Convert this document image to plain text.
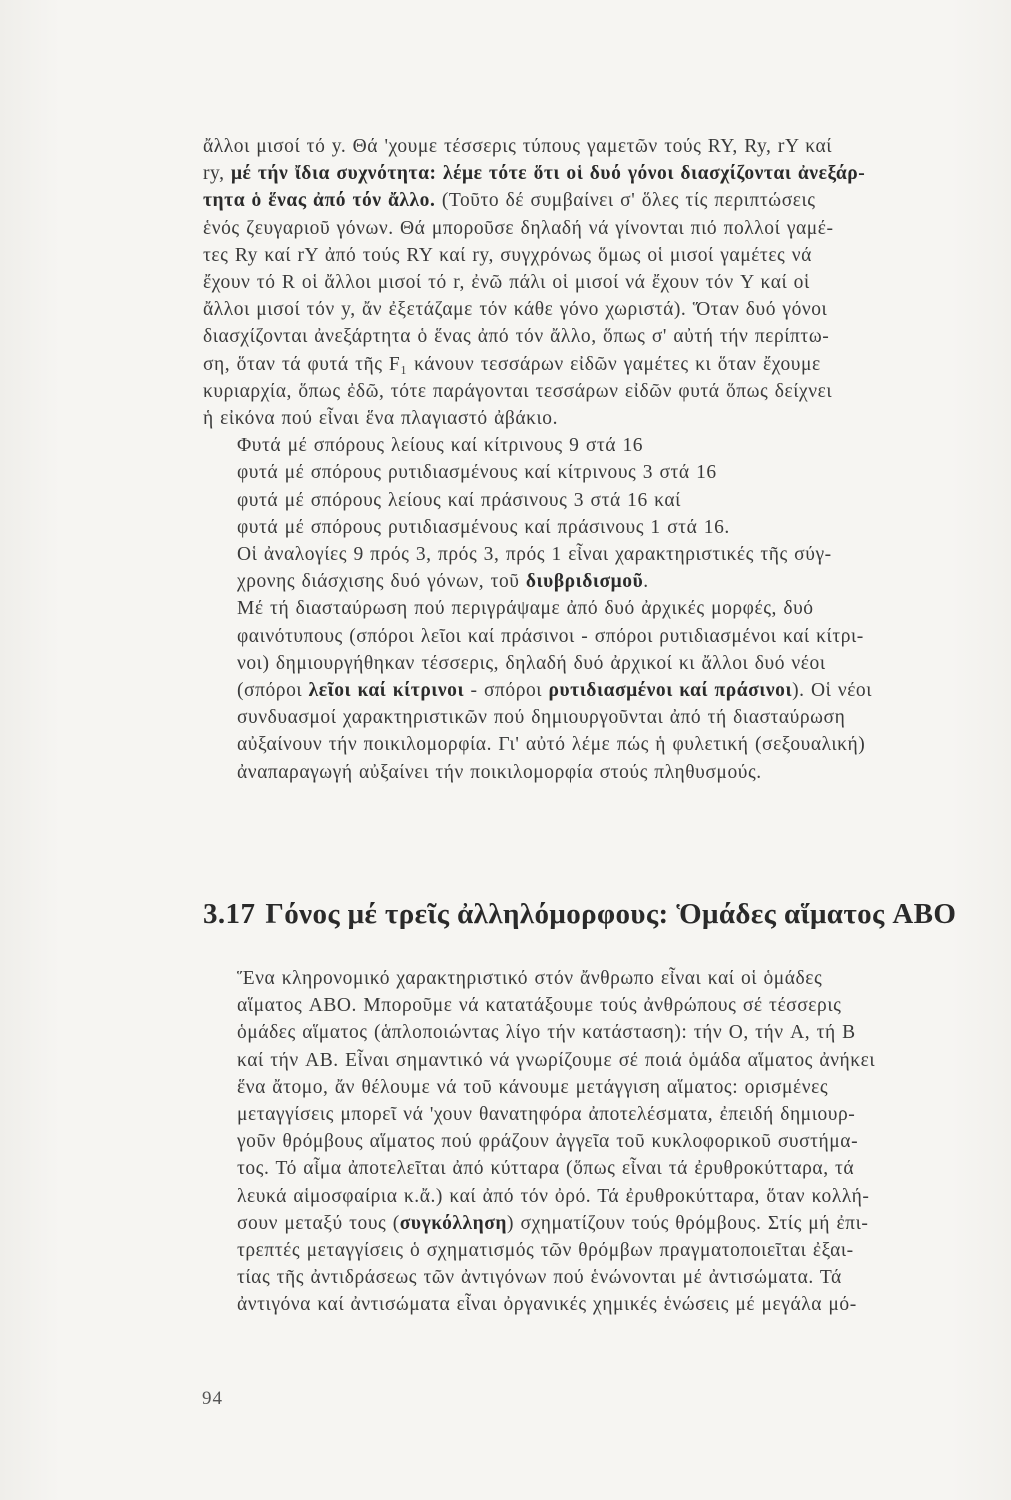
ἄλλοι μισοί τό y. Θά 'χουμε τέσσερις τύπους γαμετῶν τούς RY, Ry, rY καί
ry, μέ τήν ἴδια συχνότητα: λέμε τότε ὅτι οἱ δυό γόνοι διασχίζονται ἀνεξάρ-
τητα ὁ ἕνας ἀπό τόν ἄλλο. (Τοῦτο δέ συμβαίνει σ' ὅλες τίς περιπτώσεις
ἑνός ζευγαριοῦ γόνων. Θά μποροῦσε δηλαδή νά γίνονται πιό πολλοί γαμέ-
τες Ry καί rY ἀπό τούς RY καί ry, συγχρόνως ὅμως οἱ μισοί γαμέτες νά
ἔχουν τό R οἱ ἄλλοι μισοί τό r, ἐνῶ πάλι οἱ μισοί νά ἔχουν τόν Y καί οἱ
ἄλλοι μισοί τόν y, ἄν ἐξετάζαμε τόν κάθε γόνο χωριστά). Ὅταν δυό γόνοι
διασχίζονται ἀνεξάρτητα ὁ ἕνας ἀπό τόν ἄλλο, ὅπως σ' αὐτή τήν περίπτω-
ση, ὅταν τά φυτά τῆς F₁ κάνουν τεσσάρων εἰδῶν γαμέτες κι ὅταν ἔχουμε
κυριαρχία, ὅπως ἐδῶ, τότε παράγονται τεσσάρων εἰδῶν φυτά ὅπως δείχνει
ἡ εἰκόνα πού εἶναι ἕνα πλαγιαστό ἀβάκιο.

Φυτά μέ σπόρους λείους καί κίτρινους 9 στά 16
φυτά μέ σπόρους ρυτιδιασμένους καί κίτρινους 3 στά 16
φυτά μέ σπόρους λείους καί πράσινους 3 στά 16 καί
φυτά μέ σπόρους ρυτιδιασμένους καί πράσινους 1 στά 16.

Οἱ ἀναλογίες 9 πρός 3, πρός 3, πρός 1 εἶναι χαρακτηριστικές τῆς σύγ-
χρονης διάσχισης δυό γόνων, τοῦ διυβριδισμοῦ.

Μέ τή διασταύρωση πού περιγράψαμε ἀπό δυό ἀρχικές μορφές, δυό
φαινότυπους (σπόροι λεῖοι καί πράσινοι - σπόροι ρυτιδιασμένοι καί κίτρι-
νοι) δημιουργήθηκαν τέσσερις, δηλαδή δυό ἀρχικοί κι ἄλλοι δυό νέοι
(σπόροι λεῖοι καί κίτρινοι - σπόροι ρυτιδιασμένοι καί πράσινοι). Οἱ νέοι
συνδυασμοί χαρακτηριστικῶν πού δημιουργοῦνται ἀπό τή διασταύρωση
αὐξαίνουν τήν ποικιλομορφία. Γι' αὐτό λέμε πώς ἡ φυλετική (σεξουαλική)
ἀναπαραγωγή αὐξαίνει τήν ποικιλομορφία στούς πληθυσμούς.

3.17 Γόνος μέ τρεῖς ἀλληλόμορφους: Ὁμάδες αἵματος ABO

Ἕνα κληρονομικό χαρακτηριστικό στόν ἄνθρωπο εἶναι καί οἱ ὁμάδες
αἵματος ABO. Μποροῦμε νά κατατάξουμε τούς ἀνθρώπους σέ τέσσερις
ὁμάδες αἵματος (ἁπλοποιώντας λίγο τήν κατάσταση): τήν O, τήν A, τή B
καί τήν AB. Εἶναι σημαντικό νά γνωρίζουμε σέ ποιά ὁμάδα αἵματος ἀνήκει
ἕνα ἄτομο, ἄν θέλουμε νά τοῦ κάνουμε μετάγγιση αἵματος: ορισμένες
μεταγγίσεις μπορεῖ νά 'χουν θανατηφόρα ἀποτελέσματα, ἐπειδή δημιουρ-
γοῦν θρόμβους αἵματος πού φράζουν ἀγγεῖα τοῦ κυκλοφορικοῦ συστήμα-
τος. Τό αἷμα ἀποτελεῖται ἀπό κύτταρα (ὅπως εἶναι τά ἐρυθροκύτταρα, τά
λευκά αἱμοσφαίρια κ.ἄ.) καί ἀπό τόν ὀρό. Τά ἐρυθροκύτταρα, ὅταν κολλή-
σουν μεταξύ τους (συγκόλληση) σχηματίζουν τούς θρόμβους. Στίς μή ἐπι-
τρεπτές μεταγγίσεις ὁ σχηματισμός τῶν θρόμβων πραγματοποιεῖται ἐξαι-
τίας τῆς ἀντιδράσεως τῶν ἀντιγόνων πού ἑνώνονται μέ ἀντισώματα. Τά
ἀντιγόνα καί ἀντισώματα εἶναι ὀργανικές χημικές ἑνώσεις μέ μεγάλα μό-

94
